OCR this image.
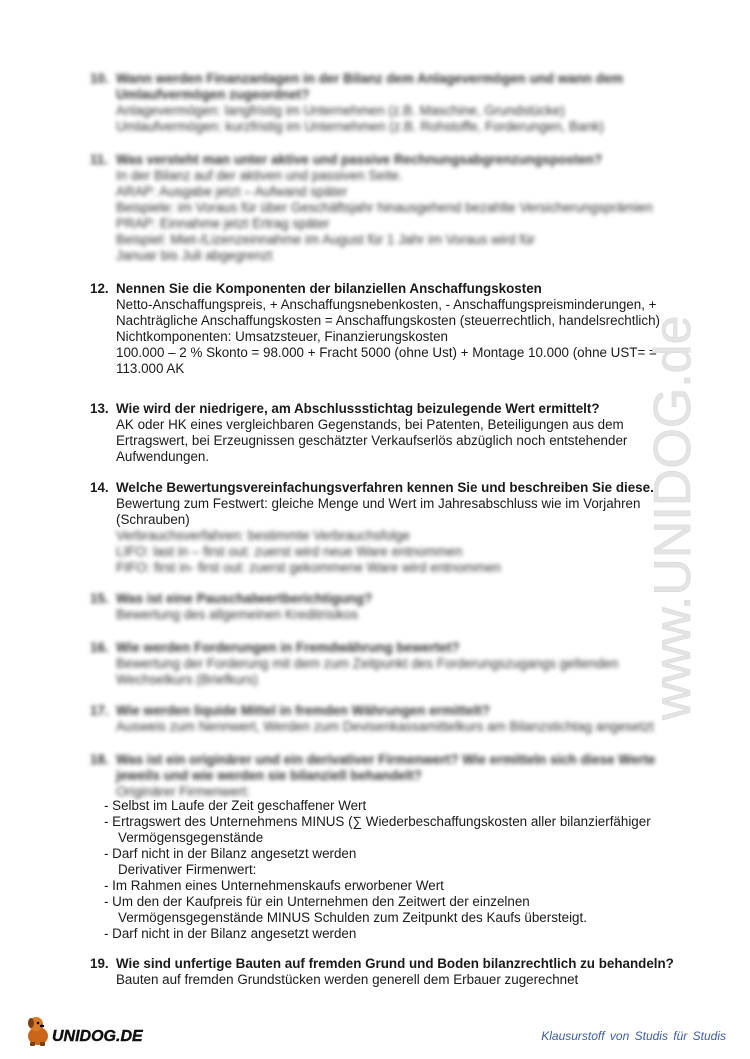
10. Wann werden Finanzanlagen in der Bilanz dem Anlagevermögen und wann dem
Umlaufvermögen zugeordnet?
Anlagevermögen: langfristig im Unternehmen (z.B. Maschine, Grundstücke)
Umlaufvermögen: kurzfristig im Unternehmen (z.B. Rohstoffe, Forderungen, Bank)
11. Was versteht man unter aktive und passive Rechnungsabgrenzungsposten?
In der Bilanz auf der aktiven und passiven Seite.
ARAP: Ausgabe jetzt – Aufwand später
Beispiele: im Voraus für über Geschäftsjahr hinausgehend bezahlte Versicherungsprämien
PRAP: Einnahme jetzt Ertrag später
Beispiel: Miet-/Lizenzeinnahme im August für 1 Jahr im Voraus wird für
Januar bis Juli abgegrenzt
12. Nennen Sie die Komponenten der bilanziellen Anschaffungskosten
Netto-Anschaffungspreis, + Anschaffungsnebenkosten, - Anschaffungspreisminderungen, +
Nachträgliche Anschaffungskosten = Anschaffungskosten (steuerrechtlich, handelsrechtlich)
Nichtkomponenten: Umsatzsteuer, Finanzierungskosten
100.000 – 2 % Skonto = 98.000 + Fracht 5000 (ohne Ust) + Montage 10.000 (ohne UST= =
113.000 AK
13. Wie wird der niedrigere, am Abschlussstichtag beizulegende Wert ermittelt?
AK oder HK eines vergleichbaren Gegenstands, bei Patenten, Beteiligungen aus dem
Ertragswert, bei Erzeugnissen geschätzter Verkaufserlös abzüglich noch entstehender
Aufwendungen.
14. Welche Bewertungsvereinfachungsverfahren kennen Sie und beschreiben Sie diese.
Bewertung zum Festwert: gleiche Menge und Wert im Jahresabschluss wie im Vorjahren
(Schrauben)
Verbrauchsverfahren: bestimmte Verbrauchsfolge
LIFO: last in – first out: zuerst wird neue Ware entnommen
FIFO: first in- first out: zuerst gekommene Ware wird entnommen
15. Was ist eine Pauschalwertberichtigung?
Bewertung des allgemeinen Kreditrisikos
16. Wie werden Forderungen in Fremdwährung bewertet?
Bewertung der Forderung mit dem zum Zeitpunkt des Forderungszugangs geltenden
Wechselkurs (Briefkurs)
17. Wie werden liquide Mittel in fremden Währungen ermittelt?
Ausweis zum Nennwert, Werden zum Devisenkassamittelkurs am Bilanzstichtag angesetzt
18. Was ist ein originärer und ein derivativer Firmenwert? Wie ermitteln sich diese Werte
jeweils und wie werden sie bilanziell behandelt?
Originärer Firmenwert:
- Selbst im Laufe der Zeit geschaffener Wert
- Ertragswert des Unternehmens MINUS (∑ Wiederbeschaffungskosten aller bilanzierfähiger
Vermögensgegenstände
- Darf nicht in der Bilanz angesetzt werden
Derivativer Firmenwert:
- Im Rahmen eines Unternehmenskaufs erworbener Wert
- Um den der Kaufpreis für ein Unternehmen den Zeitwert der einzelnen
Vermögensgegenstände MINUS Schulden zum Zeitpunkt des Kaufs übersteigt.
- Darf nicht in der Bilanz angesetzt werden
19. Wie sind unfertige Bauten auf fremden Grund und Boden bilanzrechtlich zu behandeln?
Bauten auf fremden Grundstücken werden generell dem Erbauer zugerechnet
www.UNIDOG.de
UNIDOG.DE	Klausurstoff von Studis für Studis
